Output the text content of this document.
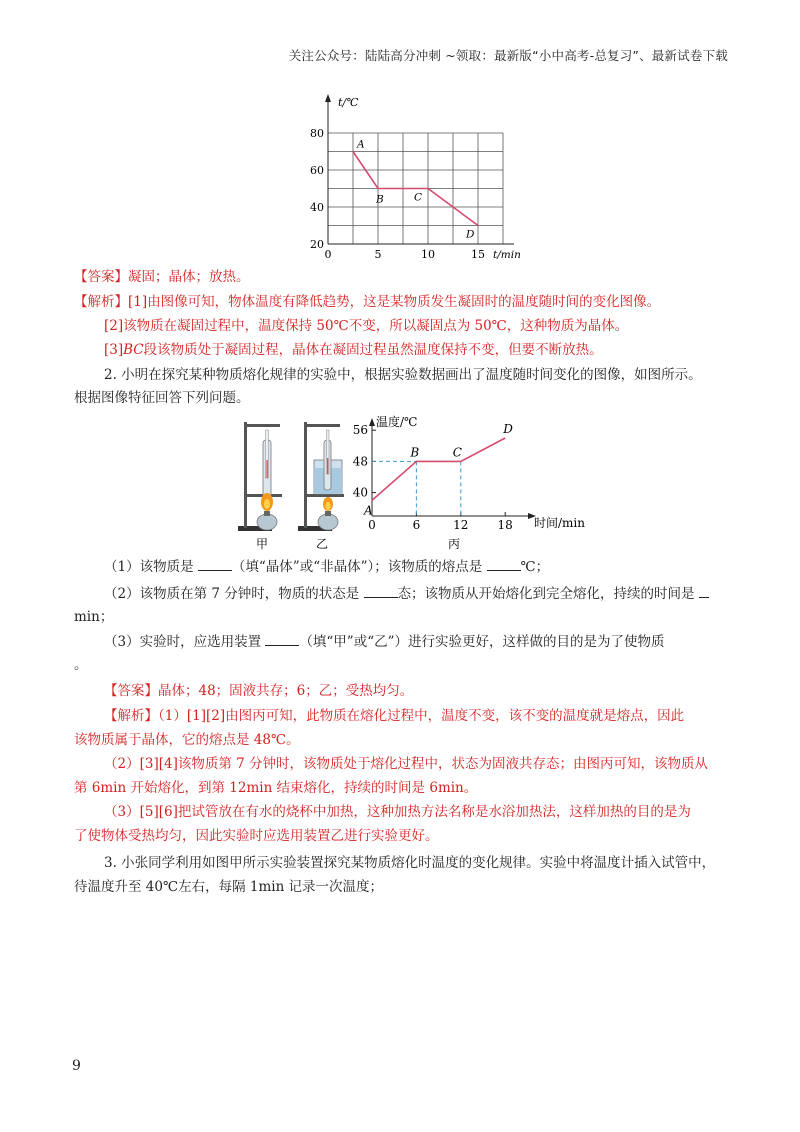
关注公众号：陆陆高分冲刺 ~领取：最新版“小中高考-总复习”、最新试卷下载
t/℃
t/min
20
40
60
80
0	5	10	15
A
B	C
D
【答案】凝固；晶体；放热。
【解析】[1]由图像可知，物体温度有降低趋势，这是某物质发生凝固时的温度随时间的变化图像。
[2]该物质在凝固过程中，温度保持 50℃不变，所以凝固点为 50℃，这种物质为晶体。
[3]BC段该物质处于凝固过程，晶体在凝固过程虽然温度保持不变，但要不断放热。
2. 小明在探究某种物质熔化规律的实验中，根据实验数据画出了温度随时间变化的图像，如图所示。
根据图像特征回答下列问题。
温度/℃
时间/min
40
48
56
0	6	12 18
A
B	C
D
甲	乙	丙
（1）该物质是	（填“晶体”或“非晶体”）；该物质的熔点是	℃；
（2）该物质在第 7 分钟时，物质的状态是	态；该物质从开始熔化到完全熔化，持续的时间是
min；
（3）实验时，应选用装置	（填“甲”或“乙”）进行实验更好，这样做的目的是为了使物质
。
【答案】晶体；48；固液共存；6；乙；受热均匀。
【解析】（1）[1][2]由图丙可知，此物质在熔化过程中，温度不变，该不变的温度就是熔点，因此
该物质属于晶体，它的熔点是 48℃。
（2）[3][4]该物质第 7 分钟时，该物质处于熔化过程中，状态为固液共存态；由图丙可知，该物质从
第 6min 开始熔化，到第 12min 结束熔化，持续的时间是 6min。
（3）[5][6]把试管放在有水的烧杯中加热，这种加热方法名称是水浴加热法，这样加热的目的是为
了使物体受热均匀，因此实验时应选用装置乙进行实验更好。
3. 小张同学利用如图甲所示实验装置探究某物质熔化时温度的变化规律。实验中将温度计插入试管中，
待温度升至 40℃左右，每隔 1min 记录一次温度；
9
